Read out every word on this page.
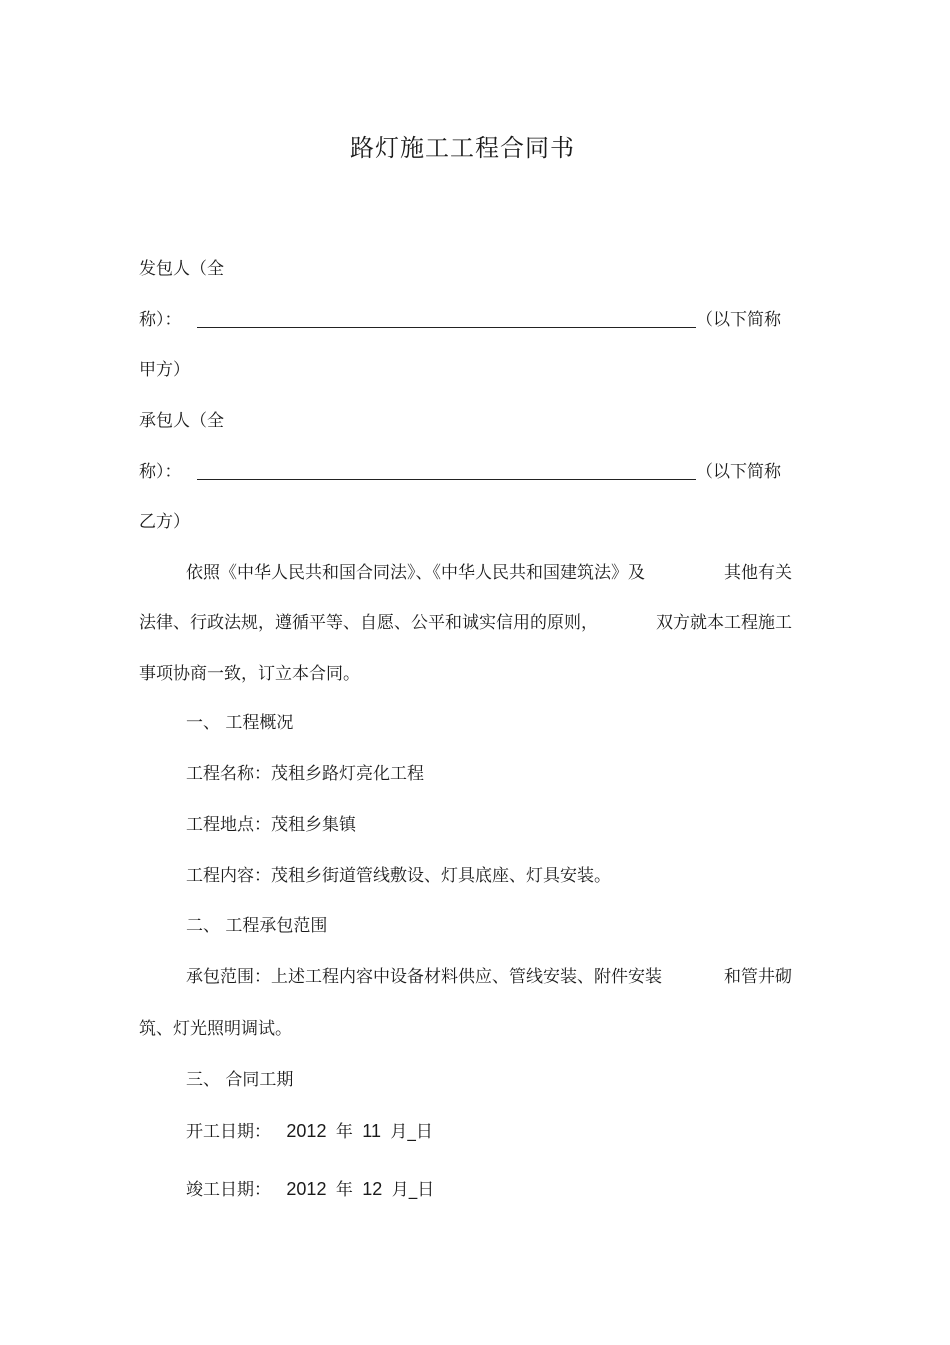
路灯施工工程合同书
发包人（全
称）：	（以下简称
甲方）
承包人（全
称）：	（以下简称
乙方）
依照《中华人民共和国合同法》、《中华人民共和国建筑法》及	其他有关
法律、行政法规，遵循平等、自愿、公平和诚实信用的原则，	双方就本工程施工
事项协商一致，订立本合同。
一、 工程概况
工程名称：茂租乡路灯亮化工程
工程地点：茂租乡集镇
工程内容：茂租乡街道管线敷设、灯具底座、灯具安装。
二、 工程承包范围
承包范围：上述工程内容中设备材料供应、管线安装、附件安装	和管井砌
筑、灯光照明调试。
三、 合同工期
开工日期： 2012 年 11 月_日
竣工日期： 2012 年 12 月_日
